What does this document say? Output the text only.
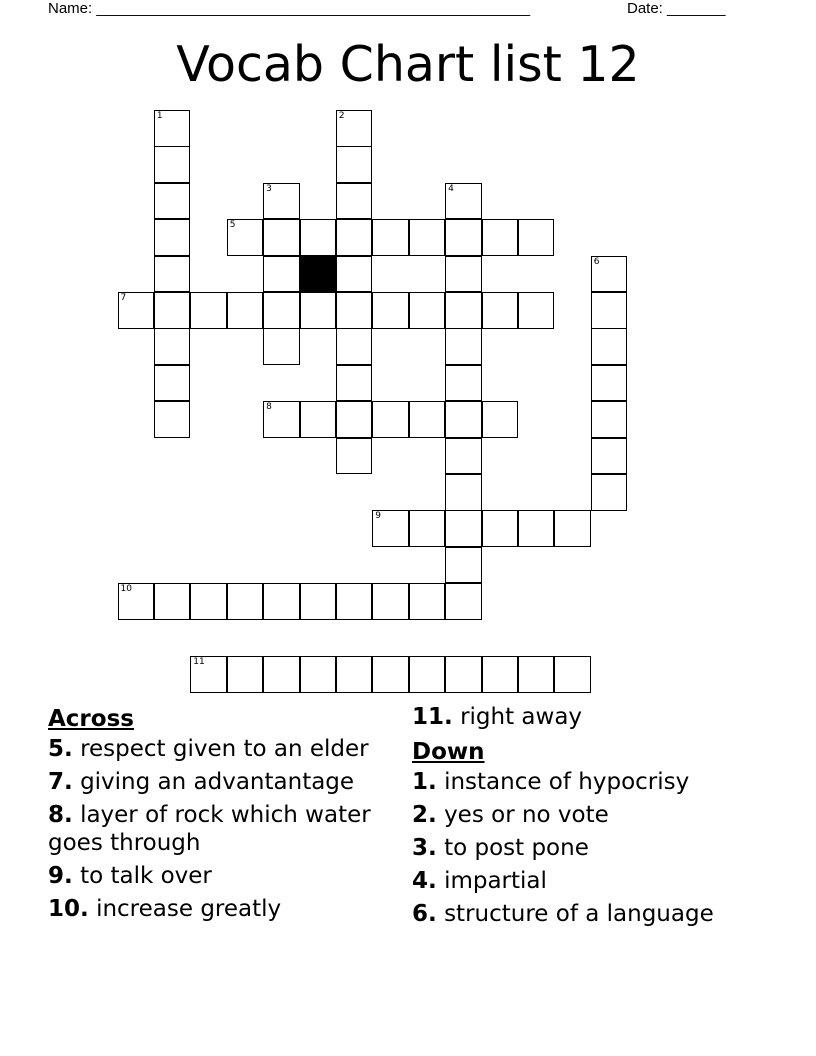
Name: ____________________________________________________	Date: _______
Vocab Chart list 12
1	2
3	4
6
5
7
8
9
10
11
Across
5. respect given to an elder
7. giving an advantantage
8. layer of rock which water goes through
9. to talk over
10. increase greatly
11. right away
Down
1. instance of hypocrisy
2. yes or no vote
3. to post pone
4. impartial
6. structure of a language
